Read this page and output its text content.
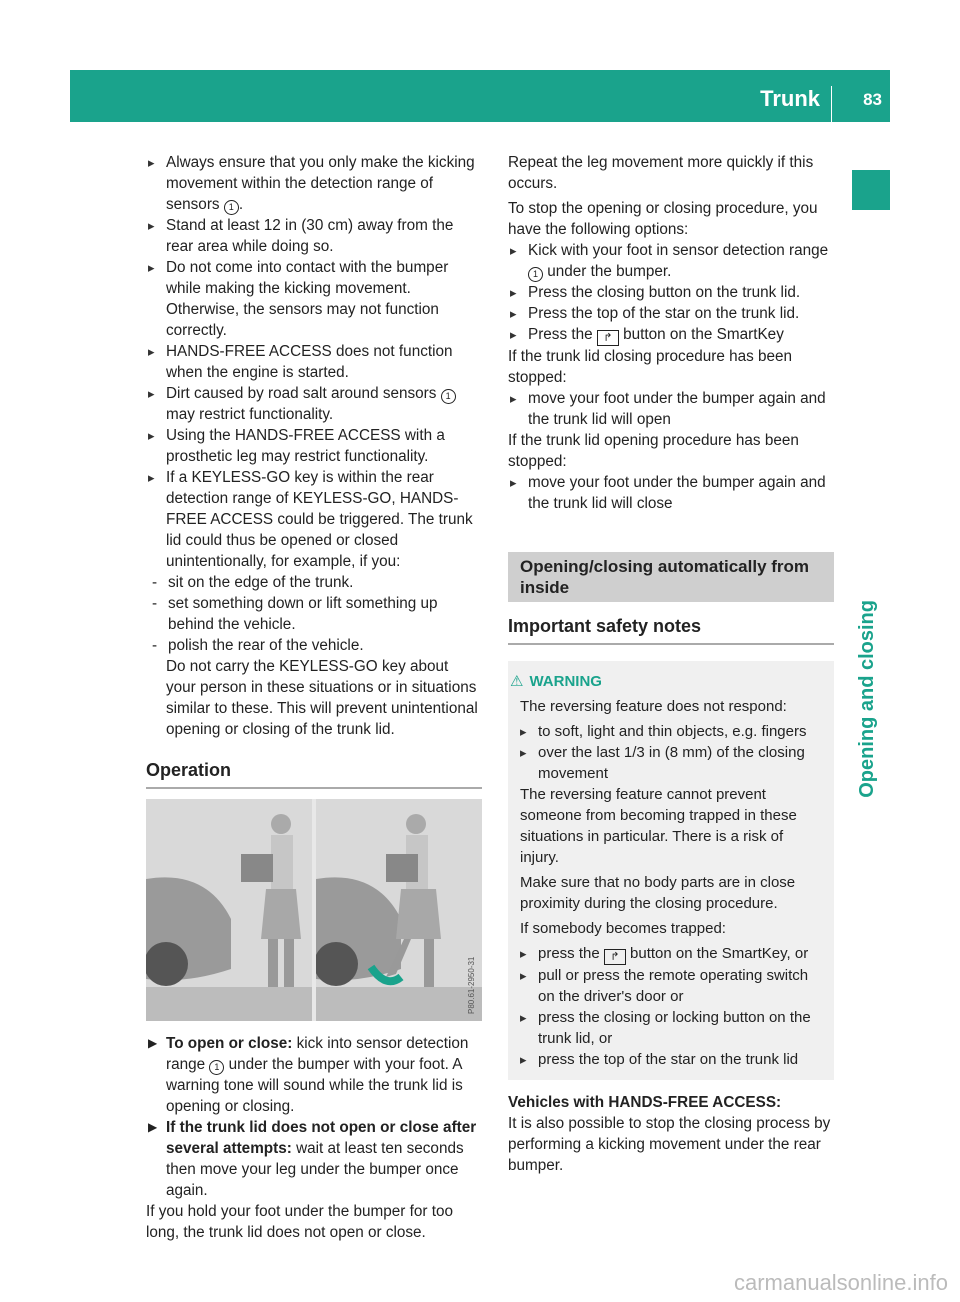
Trunk	83
Opening and closing
▸ Always ensure that you only make the kicking movement within the detection range of sensors 1 .
▸ Stand at least 12 in (30 cm) away from the rear area while doing so.
▸ Do not come into contact with the bumper while making the kicking movement. Otherwise, the sensors may not function correctly.
▸ HANDS-FREE ACCESS does not function when the engine is started.
▸ Dirt caused by road salt around sensors 1 may restrict functionality.
▸ Using the HANDS-FREE ACCESS with a prosthetic leg may restrict functionality.
▸ If a KEYLESS-GO key is within the rear detection range of KEYLESS-GO, HANDS-FREE ACCESS could be triggered. The trunk lid could thus be opened or closed unintentionally, for example, if you:
- sit on the edge of the trunk.
- set something down or lift something up behind the vehicle.
- polish the rear of the vehicle.
Do not carry the KEYLESS-GO key about your person in these situations or in situations similar to these. This will prevent unintentional opening or closing of the trunk lid.
Operation
P80.61-2950-31
▶ To open or close: kick into sensor detection range 1 under the bumper with your foot. A warning tone will sound while the trunk lid is opening or closing.
▶ If the trunk lid does not open or close after several attempts: wait at least ten seconds then move your leg under the bumper once again.
If you hold your foot under the bumper for too long, the trunk lid does not open or close.
Repeat the leg movement more quickly if this occurs.
To stop the opening or closing procedure, you have the following options:
▸ Kick with your foot in sensor detection range 1 under the bumper.
▸ Press the closing button on the trunk lid.
▸ Press the top of the star on the trunk lid.
▸ Press the ↱ button on the SmartKey
If the trunk lid closing procedure has been stopped:
▸ move your foot under the bumper again and the trunk lid will open
If the trunk lid opening procedure has been stopped:
▸ move your foot under the bumper again and the trunk lid will close
Opening/closing automatically from inside
Important safety notes

⚠ WARNING

The reversing feature does not respond:

▸ to soft, light and thin objects, e.g. fingers
▸ over the last 1/3 in (8 mm) of the closing movement

The reversing feature cannot prevent someone from becoming trapped in these situations in particular. There is a risk of injury.

Make sure that no body parts are in close proximity during the closing procedure.

If somebody becomes trapped:

▸ press the ↱ button on the SmartKey, or
▸ pull or press the remote operating switch on the driver's door or
▸ press the closing or locking button on the trunk lid, or
▸ press the top of the star on the trunk lid
Vehicles with HANDS-FREE ACCESS:
It is also possible to stop the closing process by performing a kicking movement under the rear bumper.
carmanualsonline.info
